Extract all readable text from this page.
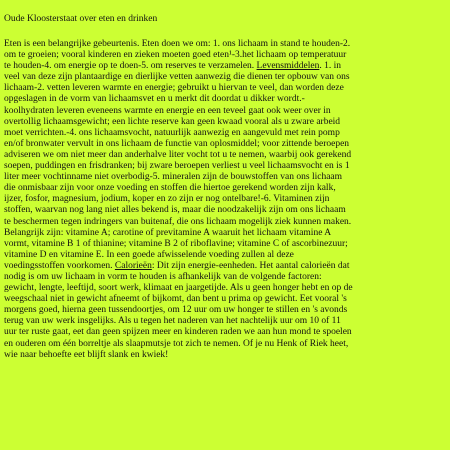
Oude Kloosterstaat over eten en drinken
Eten is een belangrijke gebeurtenis. Eten doen we om: 1. ons lichaam in stand te houden-2.
om te groeien; vooral kinderen en zieken moeten goed eten¹-3.het lichaam op temperatuur
te houden-4. om energie op te doen-5. om reserves te verzamelen. Levensmiddelen. 1. in
veel van deze zijn plantaardige en dierlijke vetten aanwezig die dienen ter opbouw van ons
lichaam-2. vetten leveren warmte en energie; gebruikt u hiervan te veel, dan worden deze
opgeslagen in de vorm van lichaamsvet en u merkt dit doordat u dikker wordt.-
koolhydraten leveren eveneens warmte en energie en een teveel gaat ook weer over in
overtollig lichaamsgewicht; een lichte reserve kan geen kwaad vooral als u zware arbeid
moet verrichten.-4. ons lichaamsvocht, natuurlijk aanwezig en aangevuld met rein pomp
en/of bronwater vervult in ons lichaam de functie van oplosmiddel; voor zittende beroepen
adviseren we om niet meer dan anderhalve liter vocht tot u te nemen, waarbij ook gerekend
soepen, puddingen en frisdranken; bij zware beroepen verliest u veel lichaamsvocht en is 1
liter meer vochtinname niet overbodig-5. mineralen zijn de bouwstoffen van ons lichaam
die onmisbaar zijn voor onze voeding en stoffen die hiertoe gerekend worden zijn kalk,
ijzer, fosfor, magnesium, jodium, koper en zo zijn er nog ontelbare!-6. Vitaminen zijn
stoffen, waarvan nog lang niet alles bekend is, maar die noodzakelijk zijn om ons lichaam
te beschermen tegen indringers van buitenaf, die ons lichaam mogelijk ziek kunnen maken.
Belangrijk zijn: vitamine A; carotine of previtamine A waaruit het lichaam vitamine A
vormt, vitamine B 1 of thianine; vitamine B 2 of riboflavine; vitamine C of ascorbinezuur;
vitamine D en vitamine E. In een goede afwisselende voeding zullen al deze
voedingsstoffen voorkomen. Calorieën: Dit zijn energie-eenheden. Het aantal calorieën dat
nodig is om uw lichaam in vorm te houden is afhankelijk van de volgende factoren:
gewicht, lengte, leeftijd, soort werk, klimaat en jaargetijde. Als u geen honger hebt en op de
weegschaal niet in gewicht afneemt of bijkomt, dan bent u prima op gewicht. Eet vooral 's
morgens goed, hierna geen tussendoortjes, om 12 uur om uw honger te stillen en 's avonds
terug van uw werk insgelijks. Als u tegen het naderen van het nachtelijk uur om 10 of 11
uur ter ruste gaat, eet dan geen spijzen meer en kinderen raden we aan hun mond te spoelen
en ouderen om één borreltje als slaapmutsje tot zich te nemen. Of je nu Henk of Riek heet,
wie naar behoefte eet blijft slank en kwiek!
